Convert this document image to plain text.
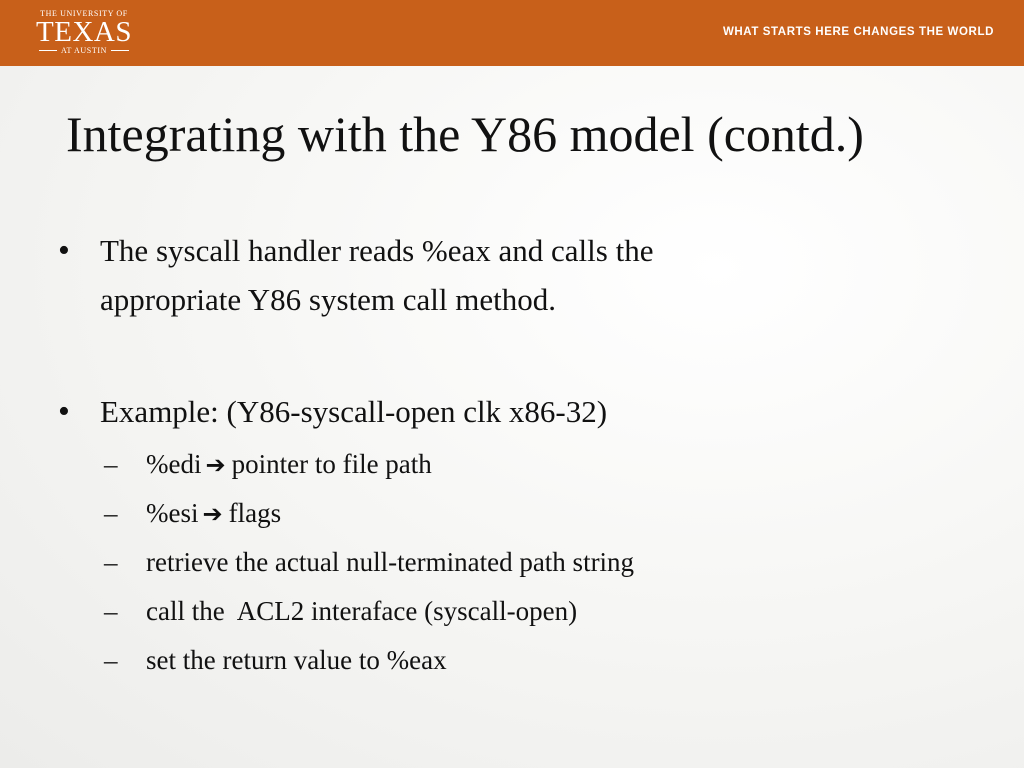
THE UNIVERSITY OF
TEXAS
AT AUSTIN
WHAT STARTS HERE CHANGES THE WORLD
Integrating with the Y86 model (contd.)
• The syscall handler reads %eax and calls the
appropriate Y86 system call method.
• Example: (Y86-syscall-open clk x86-32)
– %edi ➔ pointer to file path
– %esi ➔ flags
– retrieve the actual null-terminated path string
– call the  ACL2 interaface (syscall-open)
– set the return value to %eax
